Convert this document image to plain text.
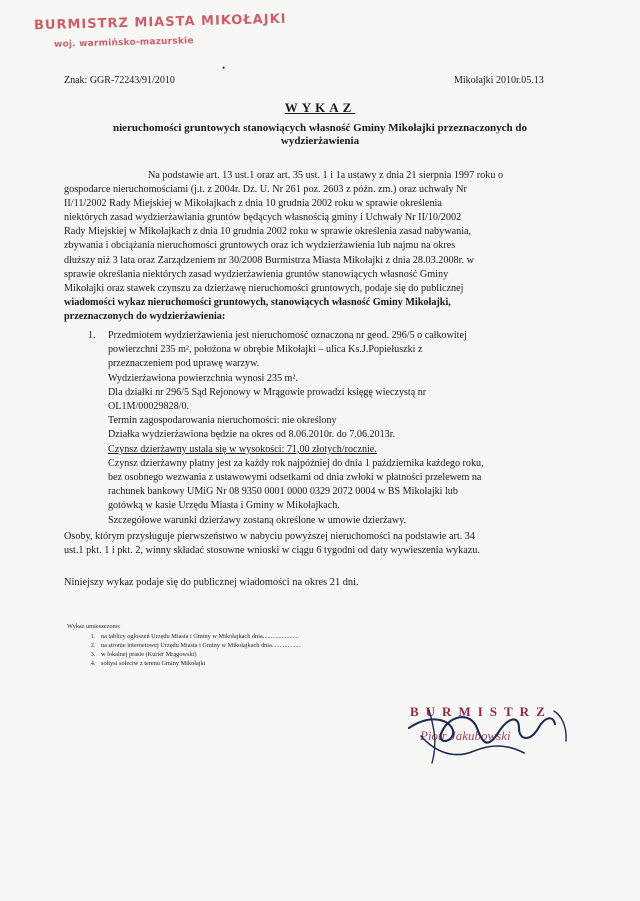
BURMISTRZ MIASTA MIKOŁAJKI
woj. warmińsko-mazurskie
•
Znak: GGR-72243/91/2010	Mikołajki 2010r.05.13
WYKAZ
nieruchomości gruntowych stanowiących własność Gminy Mikołajki przeznaczonych do wydzierżawienia
Na podstawie art. 13 ust.1 oraz art. 35 ust. 1 i 1a ustawy z dnia 21 sierpnia 1997 roku o
gospodarce nieruchomościami (j.t. z 2004r. Dz. U. Nr 261 poz. 2603 z późn. zm.) oraz uchwały Nr
II/11/2002 Rady Miejskiej w Mikołajkach z dnia 10 grudnia 2002 roku w sprawie określenia
niektórych zasad wydzierżawiania gruntów będących własnością gminy i Uchwały Nr II/10/2002
Rady Miejskiej w Mikołajkach z dnia 10 grudnia 2002 roku w sprawie określenia zasad nabywania,
zbywania i obciążania nieruchomości gruntowych oraz ich wydzierżawienia lub najmu na okres
dłuższy niż 3 lata oraz Zarządzeniem nr 30/2008 Burmistrza Miasta Mikołajki z dnia 28.03.2008r. w
sprawie określania niektórych zasad wydzierżawienia gruntów stanowiących własność Gminy
Mikołajki oraz stawek czynszu za dzierżawę nieruchomości gruntowych, podaje się do publicznej
wiadomości wykaz nieruchomości gruntowych, stanowiących własność Gminy Mikołajki,
przeznaczonych do wydzierżawienia:
1. Przedmiotem wydzierżawienia jest nieruchomość oznaczona nr geod. 296/5 o całkowitej
powierzchni 235 m², położona w obrębie Mikołajki – ulica Ks.J.Popiełuszki z
przeznaczeniem pod uprawę warzyw.
Wydzierżawiona powierzchnia wynosi 235 m².
Dla działki nr 296/5 Sąd Rejonowy w Mrągowie prowadzi księgę wieczystą nr
OL1M/00029828/0.
Termin zagospodarowania nieruchomości: nie określony
Działka wydzierżawiona będzie na okres od 8.06.2010r. do 7.06.2013r.
Czynsz dzierżawny ustala się w wysokości: 71,00 złotych/rocznie.
Czynsz dzierżawny płatny jest za każdy rok najpóźniej do dnia 1 października każdego roku,
bez osobnego wezwania z ustawowymi odsetkami od dnia zwłoki w płatności przelewem na
rachunek bankowy UMiG Nr 08 9350 0001 0000 0329 2072 0004 w BS Mikołajki lub
gotówką w kasie Urzędu Miasta i Gminy w Mikołajkach.
Szczegółowe warunki dzierżawy zostaną określone w umowie dzierżawy.
Osoby, którym przysługuje pierwszeństwo w nabyciu powyższej nieruchomości na podstawie art. 34
ust.1 pkt. 1 i pkt. 2, winny składać stosowne wnioski w ciągu 6 tygodni od daty wywieszenia wykazu.
Niniejszy wykaz podaje się do publicznej wiadomości na okres 21 dni.
Wykaz umieszczono:
1. na tablicy ogłoszeń Urzędu Miasta i Gminy w Mikołajkach dnia.......................
2. na stronie internetowej Urzędu Miasta i Gminy w Mikołajkach dnia..................
3. w lokalnej prasie (Kurier Mrągowski)
4. sołtysi sołectw z terenu Gminy Mikołajki
BURMISTRZ
Piotr Jakubowski
